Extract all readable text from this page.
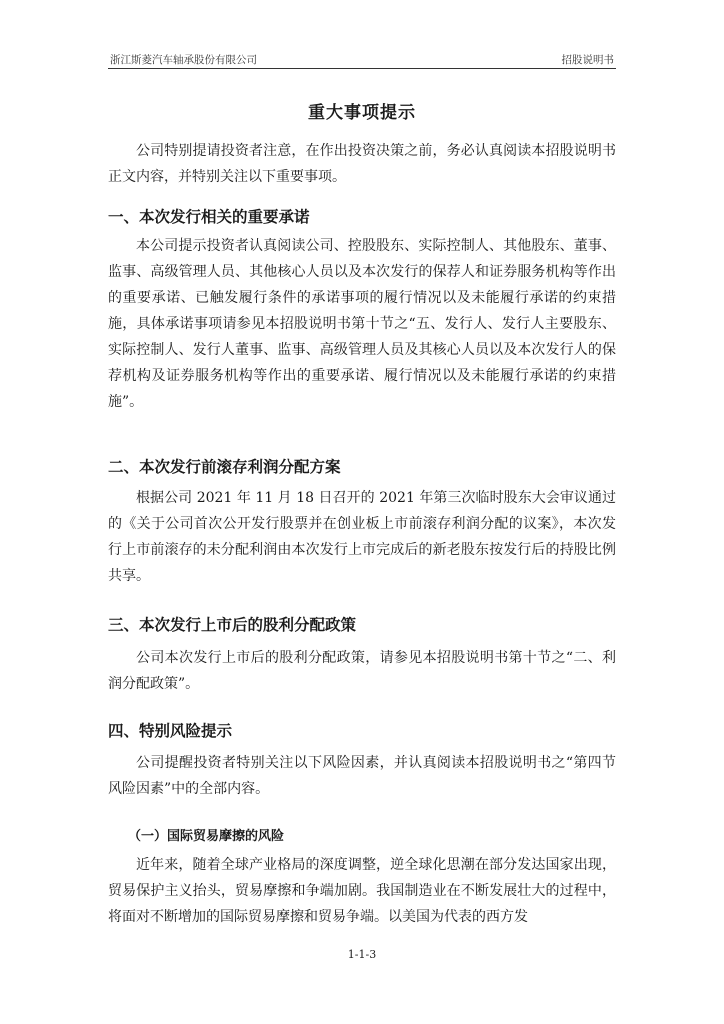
浙江斯菱汽车轴承股份有限公司	招股说明书
重大事项提示

公司特别提请投资者注意，在作出投资决策之前，务必认真阅读本招股说明书正文内容，并特别关注以下重要事项。

一、本次发行相关的重要承诺

本公司提示投资者认真阅读公司、控股股东、实际控制人、其他股东、董事、监事、高级管理人员、其他核心人员以及本次发行的保荐人和证券服务机构等作出的重要承诺、已触发履行条件的承诺事项的履行情况以及未能履行承诺的约束措施，具体承诺事项请参见本招股说明书第十节之“五、发行人、发行人主要股东、实际控制人、发行人董事、监事、高级管理人员及其核心人员以及本次发行人的保荐机构及证券服务机构等作出的重要承诺、履行情况以及未能履行承诺的约束措施”。

二、本次发行前滚存利润分配方案

根据公司 2021 年 11 月 18 日召开的 2021 年第三次临时股东大会审议通过的《关于公司首次公开发行股票并在创业板上市前滚存利润分配的议案》，本次发行上市前滚存的未分配利润由本次发行上市完成后的新老股东按发行后的持股比例共享。

三、本次发行上市后的股利分配政策

公司本次发行上市后的股利分配政策，请参见本招股说明书第十节之“二、利润分配政策”。

四、特别风险提示

公司提醒投资者特别关注以下风险因素，并认真阅读本招股说明书之“第四节 风险因素”中的全部内容。

（一）国际贸易摩擦的风险

近年来，随着全球产业格局的深度调整，逆全球化思潮在部分发达国家出现，贸易保护主义抬头，贸易摩擦和争端加剧。我国制造业在不断发展壮大的过程中，将面对不断增加的国际贸易摩擦和贸易争端。以美国为代表的西方发

1-1-3
